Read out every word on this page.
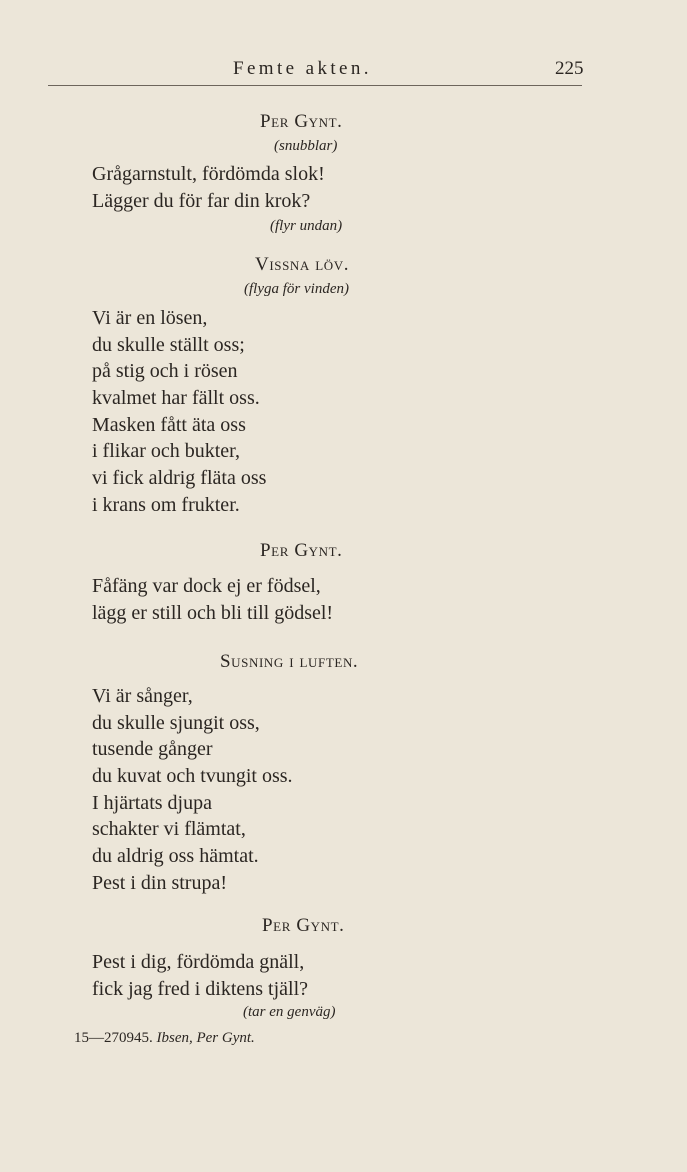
Femte akten.	225
Per Gynt.
(snubblar)
Grågarnstult, fördömda slok!
Lägger du för far din krok?
(flyr undan)
Vissna löv.
(flyga för vinden)
Vi är en lösen,
du skulle ställt oss;
på stig och i rösen
kvalmet har fällt oss.
Masken fått äta oss
i flikar och bukter,
vi fick aldrig fläta oss
i krans om frukter.
Per Gynt.
Fåfäng var dock ej er födsel,
lägg er still och bli till gödsel!
Susning i luften.
Vi är sånger,
du skulle sjungit oss,
tusende gånger
du kuvat och tvungit oss.
I hjärtats djupa
schakter vi flämtat,
du aldrig oss hämtat.
Pest i din strupa!
Per Gynt.
Pest i dig, fördömda gnäll,
fick jag fred i diktens tjäll?
(tar en genväg)
15—270945. Ibsen, Per Gynt.
